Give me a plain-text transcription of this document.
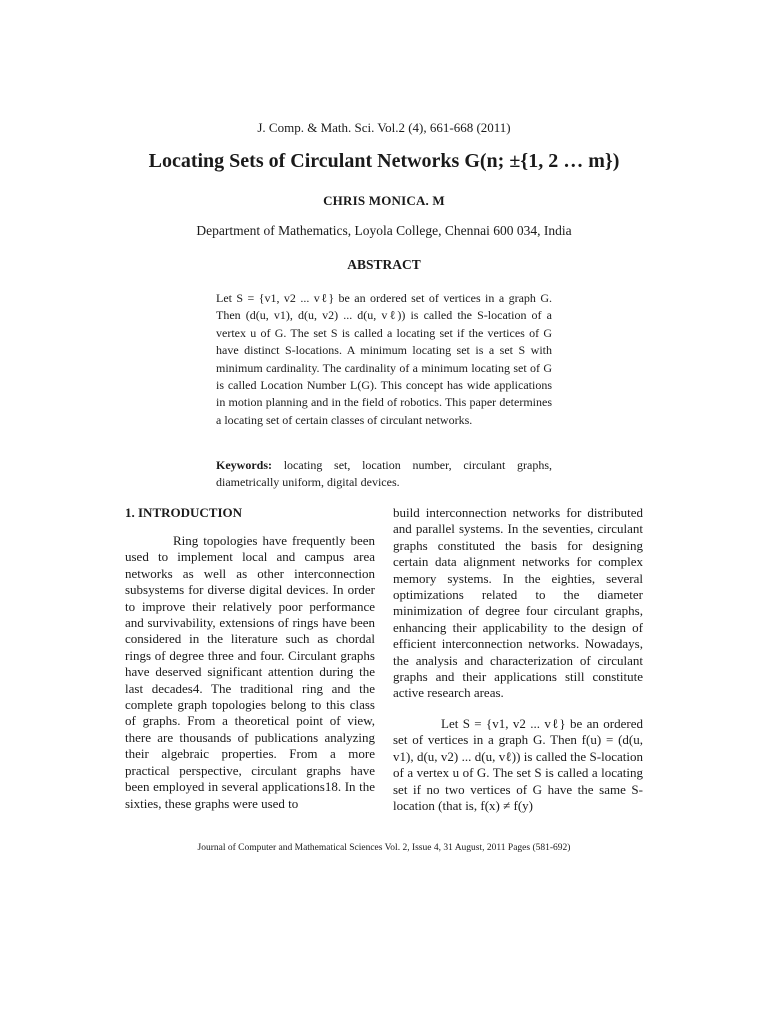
J. Comp. & Math. Sci. Vol.2 (4), 661-668 (2011)
Locating Sets of Circulant Networks G(n; ±{1, 2 … m})
CHRIS MONICA. M
Department of Mathematics, Loyola College, Chennai 600 034, India
ABSTRACT
Let S = {v1, v2 ... vℓ} be an ordered set of vertices in a graph G. Then (d(u, v1), d(u, v2) ... d(u, vℓ)) is called the S-location of a vertex u of G. The set S is called a locating set if the vertices of G have distinct S-locations. A minimum locating set is a set S with minimum cardinality. The cardinality of a minimum locating set of G is called Location Number L(G). This concept has wide applications in motion planning and in the field of robotics. This paper determines a locating set of certain classes of circulant networks.
Keywords: locating set, location number, circulant graphs, diametrically uniform, digital devices.
1. INTRODUCTION

Ring topologies have frequently been used to implement local and campus area networks as well as other interconnection subsystems for diverse digital devices. In order to improve their relatively poor performance and survivability, extensions of rings have been considered in the literature such as chordal rings of degree three and four. Circulant graphs have deserved significant attention during the last decades4. The traditional ring and the complete graph topologies belong to this class of graphs. From a theoretical point of view, there are thousands of publications analyzing their algebraic properties. From a more practical perspective, circulant graphs have been employed in several applications18. In the sixties, these graphs were used to

build interconnection networks for distributed and parallel systems. In the seventies, circulant graphs constituted the basis for designing certain data alignment networks for complex memory systems. In the eighties, several optimizations related to the diameter minimization of degree four circulant graphs, enhancing their applicability to the design of efficient interconnection networks. Nowadays, the analysis and characterization of circulant graphs and their applications still constitute active research areas.

Let S = {v1, v2 ... vℓ} be an ordered set of vertices in a graph G. Then f(u) = (d(u, v1), d(u, v2) ... d(u, vℓ)) is called the S-location of a vertex u of G. The set S is called a locating set if no two vertices of G have the same S-location (that is, f(x) ≠ f(y)

Journal of Computer and Mathematical Sciences Vol. 2, Issue 4, 31 August, 2011 Pages (581-692)
